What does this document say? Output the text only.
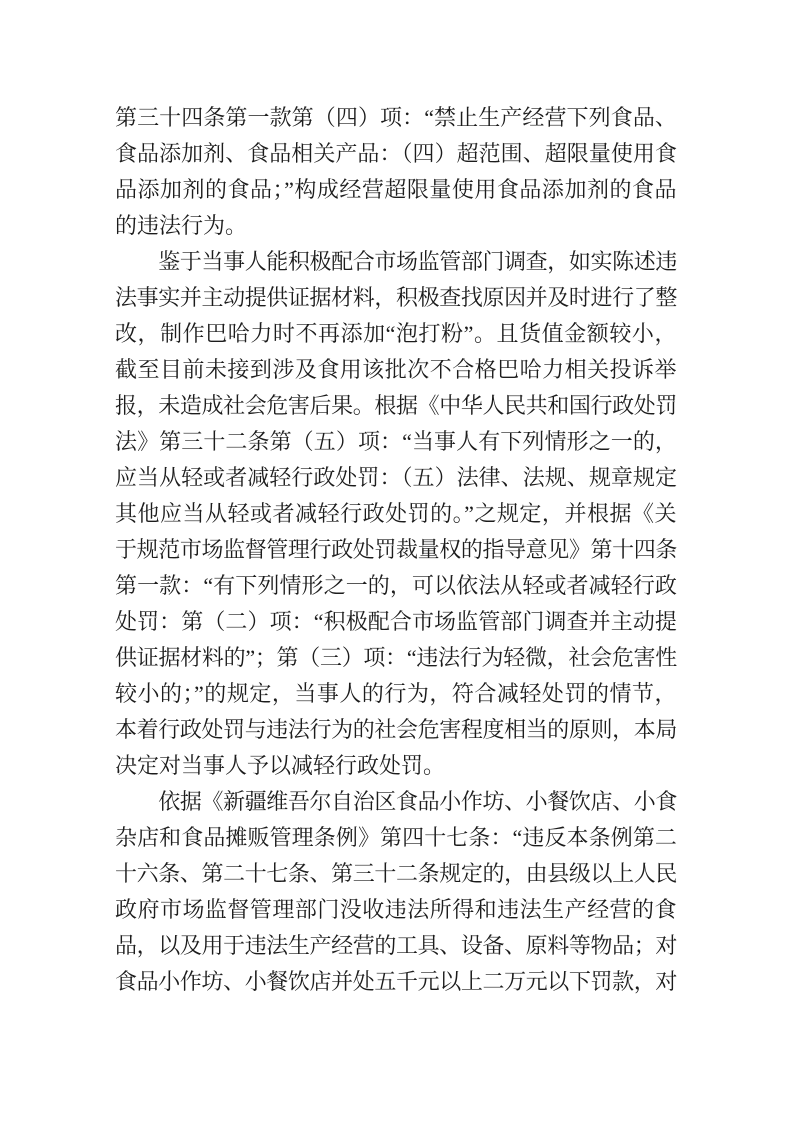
第三十四条第一款第（四）项：“禁止生产经营下列食品、
食品添加剂、食品相关产品：（四）超范围、超限量使用食
品添加剂的食品；”构成经营超限量使用食品添加剂的食品
的违法行为。
　　鉴于当事人能积极配合市场监管部门调查，如实陈述违
法事实并主动提供证据材料，积极查找原因并及时进行了整
改，制作巴哈力时不再添加“泡打粉”。且货值金额较小，
截至目前未接到涉及食用该批次不合格巴哈力相关投诉举
报，未造成社会危害后果。根据《中华人民共和国行政处罚
法》第三十二条第（五）项：“当事人有下列情形之一的，
应当从轻或者减轻行政处罚：（五）法律、法规、规章规定
其他应当从轻或者减轻行政处罚的。”之规定，并根据《关
于规范市场监督管理行政处罚裁量权的指导意见》第十四条
第一款：“有下列情形之一的，可以依法从轻或者减轻行政
处罚：第（二）项：“积极配合市场监管部门调查并主动提
供证据材料的”；第（三）项：“违法行为轻微，社会危害性
较小的；”的规定，当事人的行为，符合减轻处罚的情节，
本着行政处罚与违法行为的社会危害程度相当的原则，本局
决定对当事人予以减轻行政处罚。
　　依据《新疆维吾尔自治区食品小作坊、小餐饮店、小食
杂店和食品摊贩管理条例》第四十七条：“违反本条例第二
十六条、第二十七条、第三十二条规定的，由县级以上人民
政府市场监督管理部门没收违法所得和违法生产经营的食
品，以及用于违法生产经营的工具、设备、原料等物品；对
食品小作坊、小餐饮店并处五千元以上二万元以下罚款，对
